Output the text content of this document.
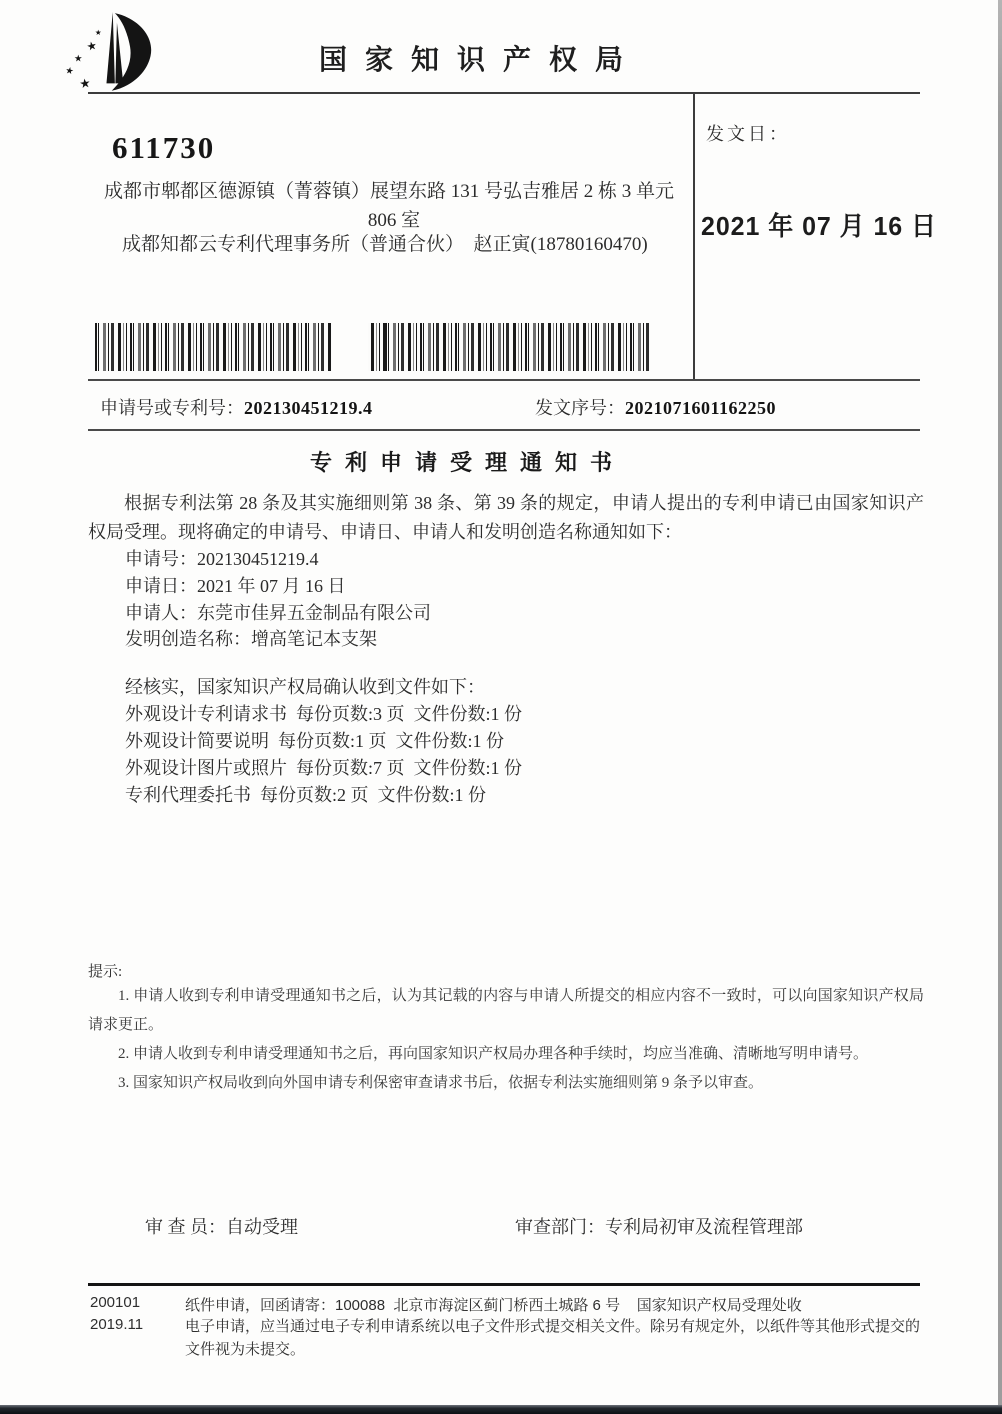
★
★
★
★
★
国家知识产权局
611730
成都市郫都区德源镇（菁蓉镇）展望东路 131 号弘吉雅居 2 栋 3 单元
806 室
成都知都云专利代理事务所（普通合伙）  赵正寅(18780160470)
发文日：
2021 年 07 月 16 日
申请号或专利号：202130451219.4	发文序号：2021071601162250
专利申请受理通知书

根据专利法第 28 条及其实施细则第 38 条、第 39 条的规定，申请人提出的专利申请已由国家知识产权局受理。现将确定的申请号、申请日、申请人和发明创造名称通知如下：

申请号：202130451219.4
申请日：2021 年 07 月 16 日
申请人：东莞市佳昇五金制品有限公司
发明创造名称：增高笔记本支架
经核实，国家知识产权局确认收到文件如下：
外观设计专利请求书  每份页数:3 页  文件份数:1 份
外观设计简要说明  每份页数:1 页  文件份数:1 份
外观设计图片或照片  每份页数:7 页  文件份数:1 份
专利代理委托书  每份页数:2 页  文件份数:1 份
提示:

1. 申请人收到专利申请受理通知书之后，认为其记载的内容与申请人所提交的相应内容不一致时，可以向国家知识产权局请求更正。

2. 申请人收到专利申请受理通知书之后，再向国家知识产权局办理各种手续时，均应当准确、清晰地写明申请号。

3. 国家知识产权局收到向外国申请专利保密审查请求书后，依据专利法实施细则第 9 条予以审查。

审 查 员：自动受理	审查部门：专利局初审及流程管理部
200101
2019.11
纸件申请，回函请寄：100088  北京市海淀区蓟门桥西土城路 6 号    国家知识产权局受理处收
电子申请，应当通过电子专利申请系统以电子文件形式提交相关文件。除另有规定外，以纸件等其他形式提交的文件视为未提交。
